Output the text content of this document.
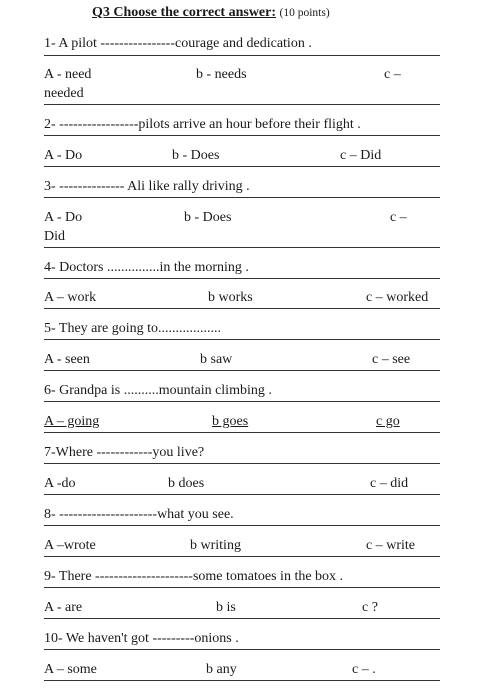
Q3 Choose the correct answer: (10 points)
1- A pilot ----------------courage and dedication .
A - need	b - needs	c –
needed
2- -----------------pilots arrive an hour before their flight .
A - Do	b - Does	c – Did
3- -------------- Ali like rally driving .
A - Do	b - Does	c –
Did
4- Doctors ...............in the morning .
A – work	b works	c – worked
5- They are going to..................
A - seen	b saw	c – see
6- Grandpa is ..........mountain climbing .
A – going	b goes	c go
7-Where ------------you live?
A -do	b does	c – did
8- ---------------------what you see.
A –wrote	b writing	c – write
9- There ---------------------some tomatoes in the box .
A - are	b is	c ?
10- We haven't got ---------onions .
A – some	b any	c – .
